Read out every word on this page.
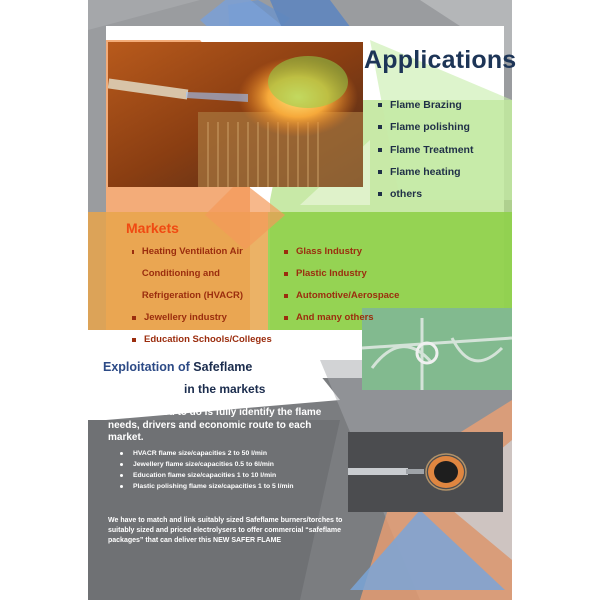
Applications
Flame Brazing
Flame polishing
Flame Treatment
Flame heating
others
Markets
Heating Ventilation Air Conditioning and Refrigeration (HVACR)
Jewellery industry
Education Schools/Colleges
Glass Industry
Plastic Industry
Automotive/Aerospace
And many others
Exploitation of Safeflame
in the markets
What we need to do is fully identify the flame needs, drivers and economic route to each market.
HVACR flame size/capacities 2 to 50 l/min
Jewellery flame size/capacities 0.5 to 6l/min
Education flame size/capacities 1 to 10 l/min
Plastic polishing flame size/capacities 1 to 5 l/min
We have to match and link suitably sized Safeflame burners/torches to suitably sized and priced electrolysers to offer commercial “safeflame packages” that can deliver this NEW SAFER FLAME
